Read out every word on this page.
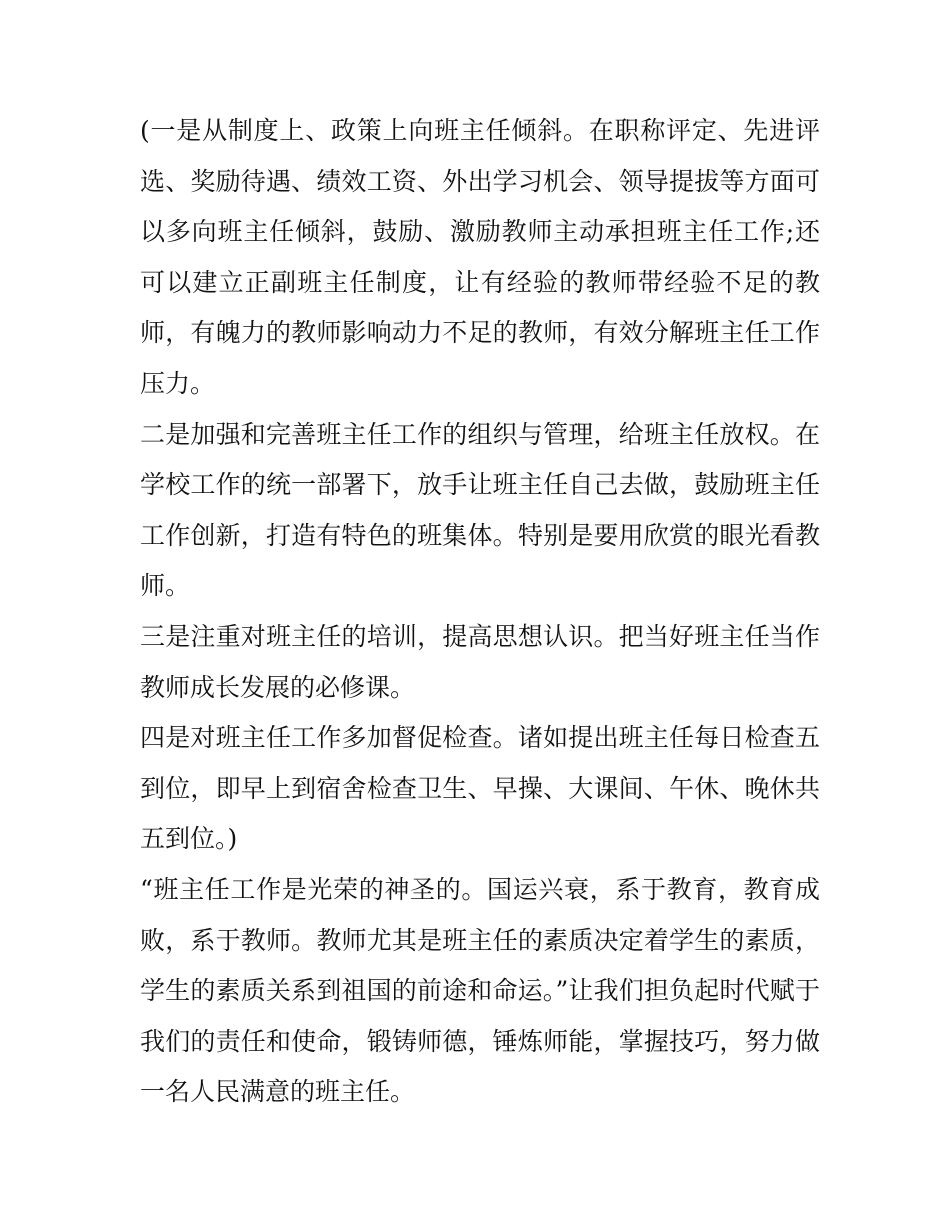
(一是从制度上、政策上向班主任倾斜。在职称评定、先进评选、奖励待遇、绩效工资、外出学习机会、领导提拔等方面可以多向班主任倾斜，鼓励、激励教师主动承担班主任工作;还可以建立正副班主任制度，让有经验的教师带经验不足的教师，有魄力的教师影响动力不足的教师，有效分解班主任工作压力。

二是加强和完善班主任工作的组织与管理，给班主任放权。在学校工作的统一部署下，放手让班主任自己去做，鼓励班主任工作创新，打造有特色的班集体。特别是要用欣赏的眼光看教师。

三是注重对班主任的培训，提高思想认识。把当好班主任当作教师成长发展的必修课。

四是对班主任工作多加督促检查。诸如提出班主任每日检查五到位，即早上到宿舍检查卫生、早操、大课间、午休、晚休共五到位。)

“班主任工作是光荣的神圣的。国运兴衰，系于教育，教育成败，系于教师。教师尤其是班主任的素质决定着学生的素质，学生的素质关系到祖国的前途和命运。”让我们担负起时代赋于我们的责任和使命，锻铸师德，锤炼师能，掌握技巧，努力做一名人民满意的班主任。
